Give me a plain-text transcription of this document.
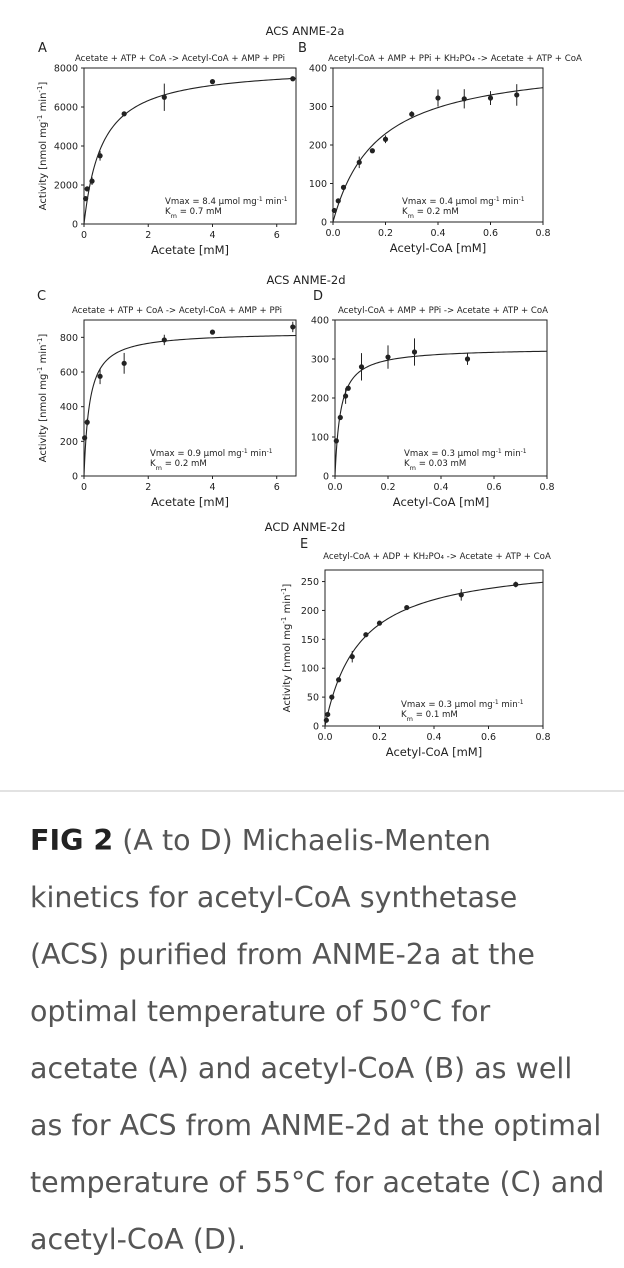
ACS ANME-2a
ACS ANME-2d
ACD ANME-2d
A
Acetate + ATP + CoA -> Acetyl-CoA + AMP + PPi
0	2	4	6
0
2000
4000
6000
8000
Acetate [mM]
Activity [nmol $mg^{-1}$ $\min^{-1}$]
Vmax = 8.4 µmol $mg^{-1}$ $\min^{-1}$
$K_m = 0.7$ mM
B
Acetyl-CoA + AMP + PPi + KH₂PO₄ -> Acetate + ATP + CoA
0.0	0.2	0.4	0.6	0.8
0
100
200
300
400
Acetyl-CoA [mM]
Vmax = 0.4 µmol $mg^{-1}$ $\min^{-1}$
$K_m = 0.2$ mM
C
Acetate + ATP + CoA -> Acetyl-CoA + AMP + PPi
0	2	4	6
0
200
400
600
800
Acetate [mM]
Activity [nmol $mg^{-1}$ $\min^{-1}$]
Vmax = 0.9 µmol $mg^{-1}$ $\min^{-1}$
$K_m = 0.2$ mM
D
Acetyl-CoA + AMP + PPi -> Acetate + ATP + CoA
0.0	0.2	0.4	0.6	0.8
0
100
200
300
400
Acetyl-CoA [mM]
Vmax = 0.3 µmol $mg^{-1}$ $\min^{-1}$
$K_m = 0.03$ mM
E
Acetyl-CoA + ADP + KH₂PO₄ -> Acetate + ATP + CoA
0.0	0.2	0.4	0.6	0.8
0
50
100
150
200
250
Acetyl-CoA [mM]
Activity [nmol $mg^{-1}$ $\min^{-1}$]
Vmax = 0.3 µmol $mg^{-1}$ $\min^{-1}$
$K_m = 0.1$ mM

FIG 2 (A to D) Michaelis-Menten kinetics for acetyl-CoA synthetase (ACS) purified from ANME-2a at the optimal temperature of 50°C for acetate (A) and acetyl-CoA (B) as well as for ACS from ANME-2d at the optimal temperature of 55°C for acetate (C) and acetyl-CoA (D).
